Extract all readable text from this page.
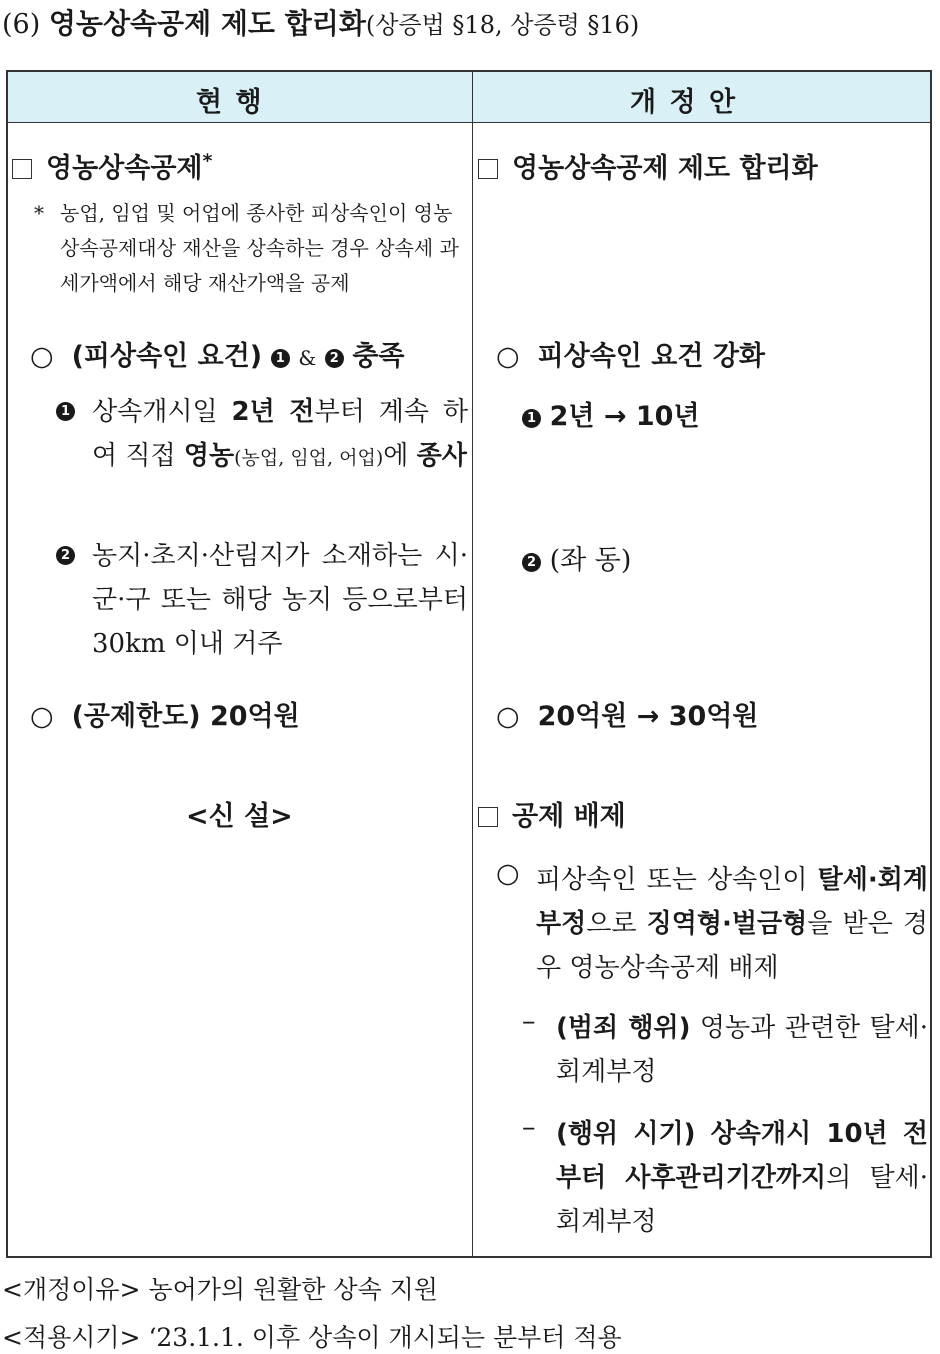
(6) 영농상속공제 제도 합리화(상증법 §18, 상증령 §16)
현 행	개 정 안
영농상속공제*
* 농업, 임업 및 어업에 종사한 피상속인이 영농상속공제대상 재산을 상속하는 경우 상속세 과세가액에서 해당 재산가액을 공제
○ (피상속인 요건) 1 & 2 충족
1 상속개시일 2년 전부터 계속 하여 직접 영농(농업, 임업, 어업)에 종사
2 농지·초지·산림지가 소재하는 시·군·구 또는 해당 농지 등으로부터 30km 이내 거주
○ (공제한도) 20억원
<신 설>
영농상속공제 제도 합리화
○ 피상속인 요건 강화
1 2년 → 10년
2 (좌 동)
○ 20억원 → 30억원
공제 배제
○ 피상속인 또는 상속인이 탈세·회계부정으로 징역형·벌금형을 받은 경우 영농상속공제 배제
– (범죄 행위) 영농과 관련한 탈세·회계부정
– (행위 시기) 상속개시 10년 전부터 사후관리기간까지의 탈세·회계부정
<개정이유> 농어가의 원활한 상속 지원
<적용시기> ‘23.1.1. 이후 상속이 개시되는 분부터 적용
